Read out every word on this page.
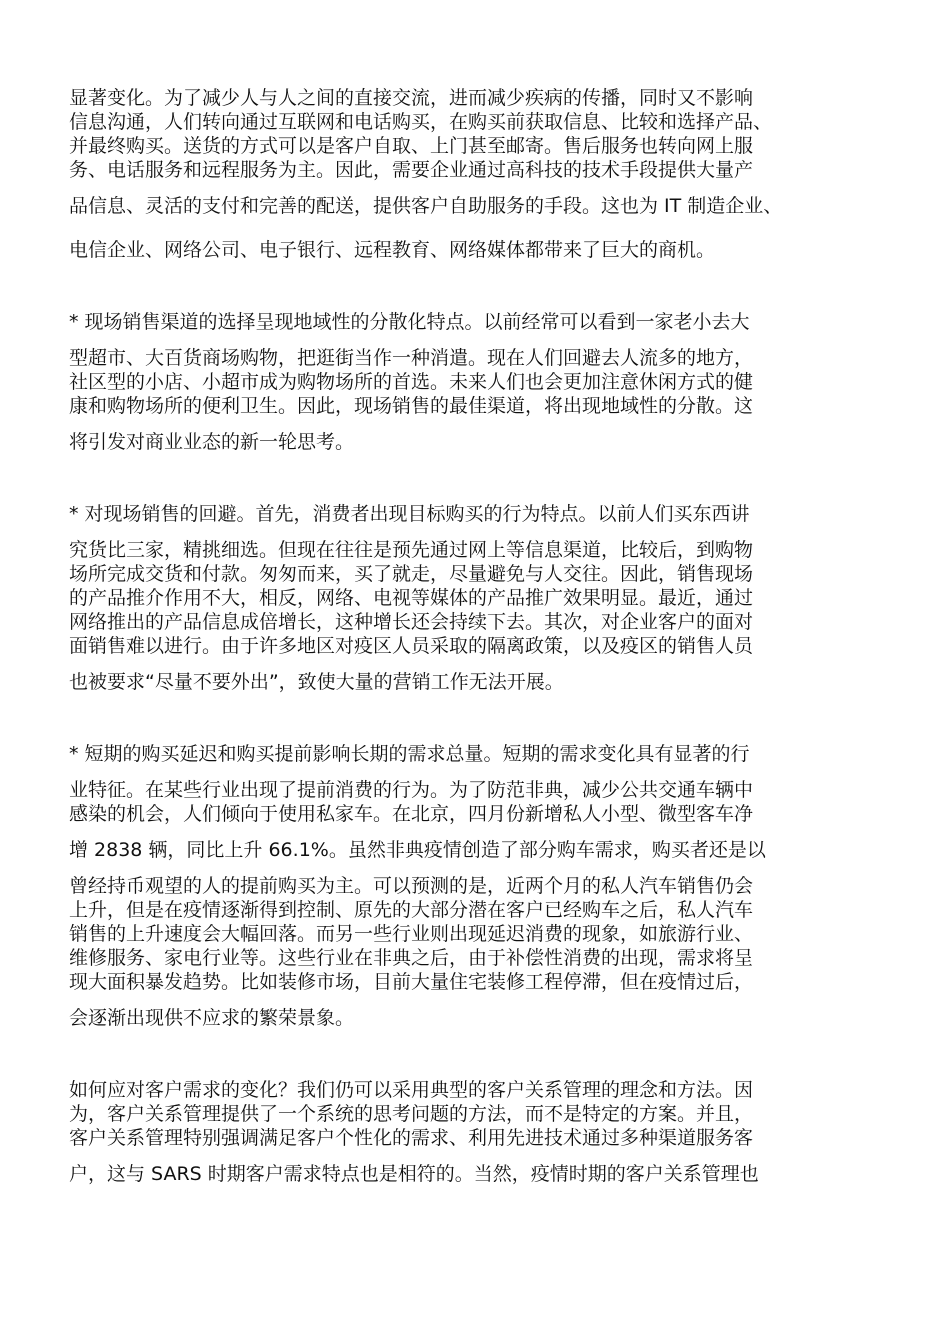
显著变化。为了减少人与人之间的直接交流，进而减少疾病的传播，同时又不影响
信息沟通，人们转向通过互联网和电话购买，在购买前获取信息、比较和选择产品、
并最终购买。送货的方式可以是客户自取、上门甚至邮寄。售后服务也转向网上服
务、电话服务和远程服务为主。因此，需要企业通过高科技的技术手段提供大量产
品信息、灵活的支付和完善的配送，提供客户自助服务的手段。这也为 IT 制造企业、
电信企业、网络公司、电子银行、远程教育、网络媒体都带来了巨大的商机。
* 现场销售渠道的选择呈现地域性的分散化特点。以前经常可以看到一家老小去大
型超市、大百货商场购物，把逛街当作一种消遣。现在人们回避去人流多的地方，
社区型的小店、小超市成为购物场所的首选。未来人们也会更加注意休闲方式的健
康和购物场所的便利卫生。因此，现场销售的最佳渠道，将出现地域性的分散。这
将引发对商业业态的新一轮思考。
* 对现场销售的回避。首先，消费者出现目标购买的行为特点。以前人们买东西讲
究货比三家，精挑细选。但现在往往是预先通过网上等信息渠道，比较后，到购物
场所完成交货和付款。匆匆而来，买了就走，尽量避免与人交往。因此，销售现场
的产品推介作用不大，相反，网络、电视等媒体的产品推广效果明显。最近，通过
网络推出的产品信息成倍增长，这种增长还会持续下去。其次，对企业客户的面对
面销售难以进行。由于许多地区对疫区人员采取的隔离政策，以及疫区的销售人员
也被要求“尽量不要外出”，致使大量的营销工作无法开展。
* 短期的购买延迟和购买提前影响长期的需求总量。短期的需求变化具有显著的行
业特征。在某些行业出现了提前消费的行为。为了防范非典，减少公共交通车辆中
感染的机会，人们倾向于使用私家车。在北京，四月份新增私人小型、微型客车净
增 2838 辆，同比上升 66.1%。虽然非典疫情创造了部分购车需求，购买者还是以
曾经持币观望的人的提前购买为主。可以预测的是，近两个月的私人汽车销售仍会
上升，但是在疫情逐渐得到控制、原先的大部分潜在客户已经购车之后，私人汽车
销售的上升速度会大幅回落。而另一些行业则出现延迟消费的现象，如旅游行业、
维修服务、家电行业等。这些行业在非典之后，由于补偿性消费的出现，需求将呈
现大面积暴发趋势。比如装修市场，目前大量住宅装修工程停滞，但在疫情过后，
会逐渐出现供不应求的繁荣景象。
如何应对客户需求的变化？我们仍可以采用典型的客户关系管理的理念和方法。因
为，客户关系管理提供了一个系统的思考问题的方法，而不是特定的方案。并且，
客户关系管理特别强调满足客户个性化的需求、利用先进技术通过多种渠道服务客
户，这与 SARS 时期客户需求特点也是相符的。当然，疫情时期的客户关系管理也
